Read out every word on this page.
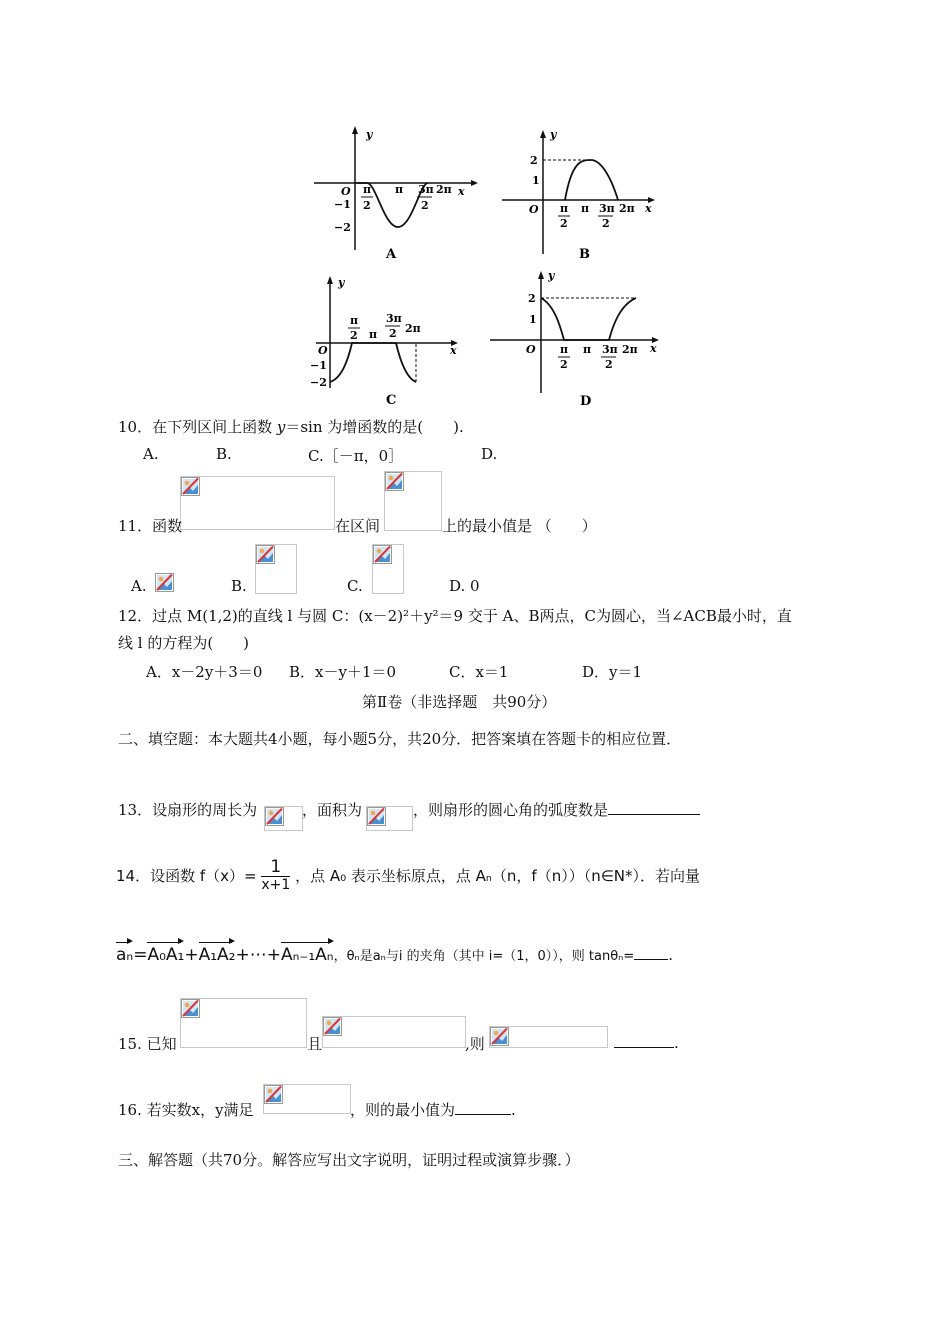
y
x
O π
2
π 3π
2
2π
−1
−2
A
y
x
O
2
1
π
2
π 3π
2
2π
B
y
x
O
−1
−2
π
2 π
3π
2 2π
C
y
x
O
2
1
π
2
π 3π
2
2π
D
10．在下列区间上函数 y＝sin 为增函数的是(　　).
A.	B.	C.［－π，0］	D.
11．函数	在区间	上的最小值是 （　　）
A.	B.	C.	D. 0
12．过点 M(1,2)的直线 l 与圆 C：(x－2)²＋y²＝9 交于 A、B两点，C为圆心，当∠ACB最小时，直
线 l 的方程为(　　)
A．x－2y＋3＝0 B．x－y＋1＝0	C．x＝1	D．y＝1
第Ⅱ卷（非选择题　共90分）
二、填空题：本大题共4小题，每小题5分，共20分．把答案填在答题卡的相应位置．
13．设扇形的周长为	，面积为	，则扇形的圆心角的弧度数是
14．设函数 $f(x)= \frac{1}{x+1}$ ，点 A₀ 表示坐标原点，点 Aₙ（n，f（n））（n∈N*）．若向量
aₙ=A₀A₁+A₁A₂+⋯+Aₙ₋₁Aₙ，θₙ是aₙ与i 的夹角（其中 i=（1，0）），则 tanθₙ= .
15. 已知	且	,则	.
16. 若实数x，y满足	，则的最小值为	.
三、解答题（共70分。解答应写出文字说明，证明过程或演算步骤．）
